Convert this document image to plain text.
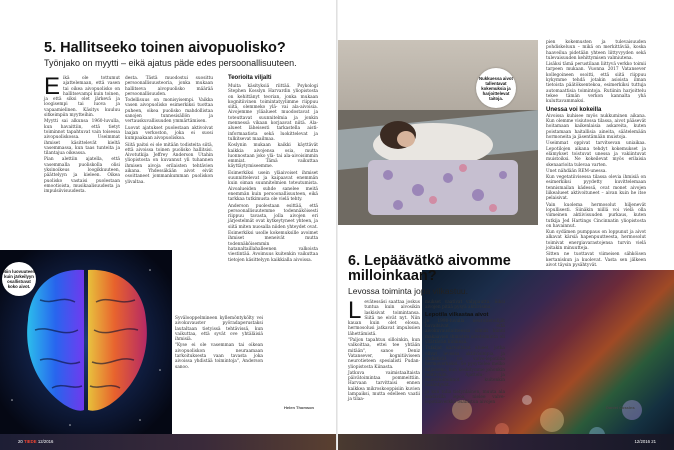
5. Hallitseeko toinen aivopuolisko?

Työnjako on myytti – eikä ajatus päde edes persoonallisuuteen.

E ikä ole tottumut ajattelemaan, että vasen tai oikea aivopuolisko on hallitsevampi kuin toinen, ja että siksi olet järkevä ja loogisempi tai luova ja vapaamielinen. Käsitys kuuluu sitkeimpiin myytteihin.

Myytti sai alkunsa 1960-luvulla, kun havaittiin, että tietyt toiminnot tapahtuvat vain toisessa aivopuoliskossa. Useimmat ihmiset käsittelevät kieltä vasemmassa, kun taas tunteita ja tilantajua oikeassa.

Pian alettiin ajatella, että vasemmalla puoliskolla olisi yksinoikeus loogikkuuteen, päättelyyn ja kieleen. Oikea puolisko vastaisi puolestaan emootioista, musikaalisuudesta ja impulsiivisuudesta.

desta. Tästä muodostui suosittu persoonallisuusteoria, jonka mukaan hallitseva aivopuolisko määrää persoonallisuuden.

Todellisuus on monisyisempi. Vaikka vasen aivopuolisko esimerkiksi tuottaa puheen, oikea puolisko mahdollistaa sanojen tunnesisällön ja vertauskuvallisuuden ymmärtämisen.

Luovat ajatukset puolestaan aktivoivat laajan verkoston, joka ei suosi kumpaakaan aivopuoliskoa.

Siitä paitsi ei ole mitään todisteita siitä, että aivoissa toinen puolisko hallitsisi. Aivotutkija Jeffrey Anderson Utahin yliopistosta on kuvannut yli tuhannen ihmisen aivoja erilaisten tehtävien aikana. Yhdessäkään aivot eivät osoittaneet jommankumman puoliskon ylivaltaa.

Teorioita viljalti

Muita käsityksiä riittää. Psykologi Stephen Kosslyn Harvardin yliopistosta on kehittänyt teorian, jonka mukaan kognitiivinen toimintatyylimme riippuu siitä, olemmeko ylä- vai ala-aivoisia. Aivojemme yläalueet muodostavat ja toteuttavat suunnitelmia ja jonkin mennessä vikaan korjaavat niitä. Ala-alueet läheisesti tarkastella aisti-informaatiota sekä luokittelevat ja tulkitsevat maailmaa.

Koslynin mukaan kaikki käyttävät kaikkia aivojensa osia, mutta luonnostaan joko ylä- tai ala-aivoisimmin emmiat. Tämä vaikuttaa käyttäytymiseemme.

Esimerkiksi usein yläaivoiset ihmiset suunnittelevat ja kaipaavat enemmän kuin oiman suunnitelmien toteutumista. Aivoalueiden suhde sanelee meitä enemmän kuin persoonallisuuteen, eikä tarkkaa tutkimusta ole vielä tehty.

Anderson puolestaan esittää, että persoonallisuutemme todennäköisesti riippuu tavasta, jolla aivojen eri järjestelmät ovat kytkeytyneet yhteen, ja siitä miten nuosalla niiden yhteydet ovat.

Esimerkiksi usolle kokemuksille avoimet ihmiset meneivät mutta todennäköisemmin hatanaltaillahalleenen valkoista viestintää. Avoimuus kuitenkin vaikuttaa tietojen käsittelyyn kaikkialla aivoissa.

Syvälooppelmineen kyllemöntykölty vei aivokuvauster pyöradaperustaksi lautaltaan tietyissä tehtävissä, kun vaikuttaa, että syvät ove yhtäläisiä ihmisiä.

"Kyse ei ole vasemman tai oikean aivopuoliskon neuraamaan tarkoituksesta vaan tavasta joka aivoissa yhdistää toimintoja", Anderson sanoo.

Helen Thomson
Niin luovuuteen kuin järkeilyyn osallistuvat koko aivot.
20 TIEDE 12/2016
Nukkuessa aivot tallentavat kokemuksia ja harjoittelevat taitoja.
6. Lepäävätkö aivomme milloinkaan?

Levossa toiminta jopa vilkastuu.

L evätessäsi saattaa joskus tuntua kuin aivosikin laskisivat toimintansa. Siitä ne eivät nyt. Niin kauan kuin olet elossa, hermosolusi jatkavat impulssien lähettämistä.

"Paljon tapahtuu silloinkin, kun valkoittaa, ettei tee yhtään mitään", sanoo Deniz Vatansever, kognitiiviseen neurotieteen spesialisti Pudan-yliopistosta Kiinasta.

Jatkuva vaimistaaltaista päivätoimintaa pommeittiin. Harvaan tarvittaisi ennen kaikkea mikroskooppisiin kuvien lampaiksi, mutta edelleen vaatii ja tilaa-

mukset vaativat valppautta. Siksi aivojen pitää pysyä aktiivisina.

Lepotila vilkastaa aivot

Jo 1990-luvulla neurotieteilijät havaitsivat, että aivokuvauslaitteessa silmät kiinni makaavien ihmisten aivotoiminta oli yllättävän kiihkeää.

Tutkijat kartoittivat alueet, jotka olivat levossa aktiivisimpia, ja yhdistivät ne valve-lepotilan hermoverkoksi. Se pysyttelee melko hiljaisena, kun keskitymme johonkin tehtävään. Ajattelu- ja muistitoiminnot kuitenkin lisääntyvät.

Jo kun tulla tietynlainen, muuta ala saatavilla lepoa, nielee valve-lepotilaverkko osallistua aivojen

pien kokemusten ja tulevaisuuden pohdiskeluun – mikä on merkittävää, koska haaveilua pidetään yhteen liittyvyyden sekä tulevaisuuden kehittymisen valmiutena.

Lisäksi tämä perustilaan liittyvä verkko toimii tarpeen mukaan. Vuonna 2017 Vatansever kollegoineen osoitti, että siitä riippuu kykymme tehdä jotakin asioista ilman tietoista päätöksentekoa, esimerkiksi tuttuja automaattisia toimintoja. Rutiinin harjoittelu tekee tämän verkon kannalta yhä kuluttavammaksi.

Unessa voi kokeilla

Aivoissa kuhisee myös nukkuminen aikana. Kun olemme visiutossa tilassa, aivot pääsevät hoitamaan kaikenlaisia askareita, kuten poistamaan haitallisia aineita, säätelemään hormoneita ja jäsentämään muistoja.

Useimmat oppivat tarvitsevan uniaikaa. Lepotilojen aikana tehdyt kokemukset ja elämykset toistuvat unessa ja vakiintuvat muistoiksi. Ne kokeilevat myös erilaisia skenaarioita tulevaa varten.

Unet nähdään REM-unessa.

Kun vegetatiivisessa tilassa olevia ihmisiä on esimerkiksi pyydetty kuvittelemaan tennismailan kädessä, ovat monet aivojen liikealueet aktivoituneet – aivan kuin he itse pelaisivat.

Vain kuolema hermosolut hiljenevät lopullisesti. Siinäkin niillä voi vielä olla viimeinen aktiivisuuden purkaus, kuten tutkija Jed Hartings Cincinnatin yliopistosta on havainnut.

Kun sydämen pumppaus on loppunut ja aivot alkavat kärsiä hapenpuutteesta, hermosolut toimivat energiavarastojensa turvin vielä joitakin minuutteja.

Sitten ne tuottavat viimeisen sähköisen kertaniskun ja kuolevat. Vasta sen jälkeen aivot täysin pysähtyvät.

Daniel Cossins
12/2016 21
